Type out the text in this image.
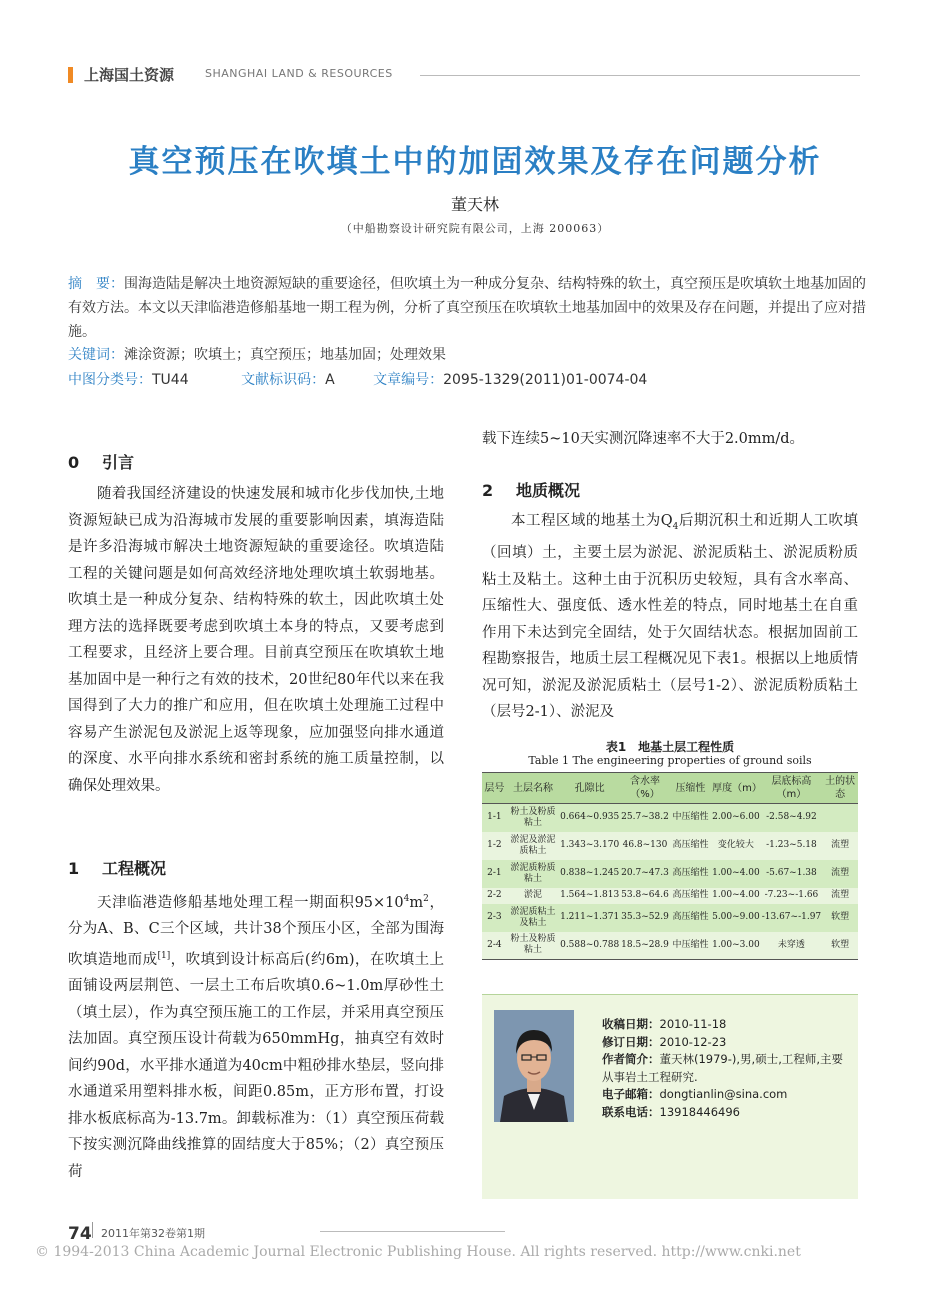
上海国土资源	SHANGHAI LAND & RESOURCES
真空预压在吹填土中的加固效果及存在问题分析
董天林
（中船勘察设计研究院有限公司，上海 200063）
摘　要：围海造陆是解决土地资源短缺的重要途径，但吹填土为一种成分复杂、结构特殊的软土，真空预压是吹填软土地基加固的有效方法。本文以天津临港造修船基地一期工程为例，分析了真空预压在吹填软土地基加固中的效果及存在问题，并提出了应对措施。
关键词：滩涂资源；吹填土；真空预压；地基加固；处理效果
中图分类号：TU44	文献标识码：A	文章编号：2095-1329(2011)01-0074-04
0 引言

随着我国经济建设的快速发展和城市化步伐加快,土地资源短缺已成为沿海城市发展的重要影响因素，填海造陆是许多沿海城市解决土地资源短缺的重要途径。吹填造陆工程的关键问题是如何高效经济地处理吹填土软弱地基。吹填土是一种成分复杂、结构特殊的软土，因此吹填土处理方法的选择既要考虑到吹填土本身的特点，又要考虑到工程要求，且经济上要合理。目前真空预压在吹填软土地基加固中是一种行之有效的技术，20世纪80年代以来在我国得到了大力的推广和应用，但在吹填土处理施工过程中容易产生淤泥包及淤泥上返等现象，应加强竖向排水通道的深度、水平向排水系统和密封系统的施工质量控制，以确保处理效果。

1 工程概况

天津临港造修船基地处理工程一期面积$95\times 10^4m^2$，分为A、B、C三个区域，共计38个预压小区，全部为围海吹填造地而成[1]，吹填到设计标高后(约6m)，在吹填土上面铺设两层荆笆、一层土工布后吹填0.6~1.0m厚砂性土（填土层），作为真空预压施工的工作层，并采用真空预压法加固。真空预压设计荷载为650mmHg，抽真空有效时间约90d，水平排水通道为40cm中粗砂排水垫层，竖向排水通道采用塑料排水板，间距0.85m，正方形布置，打设排水板底标高为-13.7m。卸载标准为：（1）真空预压荷载下按实测沉降曲线推算的固结度大于85%；（2）真空预压荷

载下连续5~10天实测沉降速率不大于2.0mm/d。

2 地质概况

本工程区域的地基土为$Q_4$后期沉积土和近期人工吹填（回填）土，主要土层为淤泥、淤泥质粘土、淤泥质粉质粘土及粘土。这种土由于沉积历史较短，具有含水率高、压缩性大、强度低、透水性差的特点，同时地基土在自重作用下未达到完全固结，处于欠固结状态。根据加固前工程勘察报告，地质土层工程概况见下表1。根据以上地质情况可知，淤泥及淤泥质粘土（层号1-2）、淤泥质粉质粘土（层号2-1）、淤泥及

表1　地基土层工程性质
Table 1 The engineering properties of ground soils
层号	土层名称	孔隙比	含水率（%）	压缩性	厚度（m）	层底标高（m）	土的状态
1-1	粉土及粉质粘土	0.664~0.935	25.7~38.2	中压缩性	2.00~6.00	-2.58~4.92	
1-2	淤泥及淤泥质粘土	1.343~3.170	46.8~130	高压缩性	变化较大	-1.23~5.18	流塑
2-1	淤泥质粉质粘土	0.838~1.245	20.7~47.3	高压缩性	1.00~4.00	-5.67~1.38	流塑
2-2	淤泥	1.564~1.813	53.8~64.6	高压缩性	1.00~4.00	-7.23~-1.66	流塑
2-3	淤泥质粘土及粘土	1.211~1.371	35.3~52.9	高压缩性	5.00~9.00	-13.67~-1.97	软塑
2-4	粉土及粉质粘土	0.588~0.788	18.5~28.9	中压缩性	1.00~3.00	未穿透	软塑
收稿日期：2010-11-18
修订日期：2010-12-23
作者简介：董天林(1979-),男,硕士,工程师,主要从事岩土工程研究.
电子邮箱：dongtianlin@sina.com
联系电话：13918446496
74 2011年第32卷第1期
© 1994-2013 China Academic Journal Electronic Publishing House. All rights reserved. http://www.cnki.net
